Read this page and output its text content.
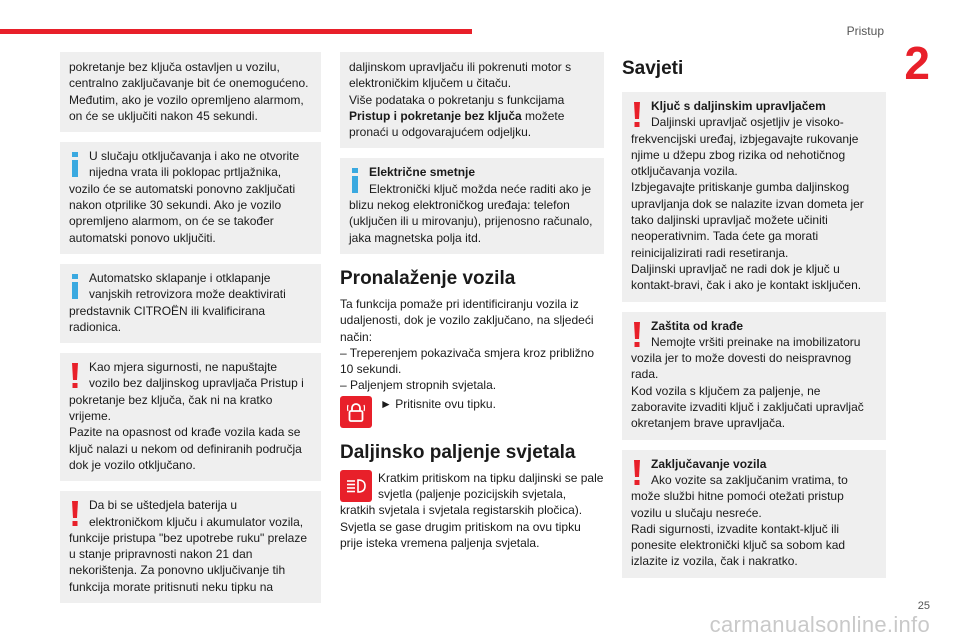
Pristup
2
carmanualsonline.info

pokretanje bez ključa ostavljen u vozilu, centralno zaključavanje bit će onemogućeno. Međutim, ako je vozilo opremljeno alarmom, on će se uključiti nakon 45 sekundi.

U slučaju otključavanja i ako ne otvorite nijedna vrata ili poklopac prtljažnika, vozilo će se automatski ponovno zaključati nakon otprilike 30 sekundi. Ako je vozilo opremljeno alarmom, on će se također automatski ponovo uključiti.

Automatsko sklapanje i otklapanje vanjskih retrovizora može deaktivirati predstavnik CITROËN ili kvalificirana radionica.

Kao mjera sigurnosti, ne napuštajte vozilo bez daljinskog upravljača Pristup i pokretanje bez ključa, čak ni na kratko vrijeme.

Pazite na opasnost od krađe vozila kada se ključ nalazi u nekom od definiranih područja dok je vozilo otključano.

Da bi se uštedjela baterija u elektroničkom ključu i akumulator vozila, funkcije pristupa "bez upotrebe ruku" prelaze u stanje pripravnosti nakon 21 dan nekorištenja. Za ponovno uključivanje tih funkcija morate pritisnuti neku tipku na

daljinskom upravljaču ili pokrenuti motor s elektroničkim ključem u čitaču.

Više podataka o pokretanju s funkcijama Pristup i pokretanje bez ključa možete pronaći u odgovarajućem odjeljku.

Električne smetnje

Elektronički ključ možda neće raditi ako je blizu nekog elektroničkog uređaja: telefon (uključen ili u mirovanju), prijenosno računalo, jaka magnetska polja itd.

Pronalaženje vozila

Ta funkcija pomaže pri identificiranju vozila iz udaljenosti, dok je vozilo zaključano, na sljedeći način:

– Treperenjem pokazivača smjera kroz približno 10 sekundi.

– Paljenjem stropnih svjetala.

► Pritisnite ovu tipku.
Daljinsko paljenje svjetala

Kratkim pritiskom na tipku daljinski se pale svjetla (paljenje pozicijskih svjetala, kratkih svjetala i svjetala registarskih pločica). Svjetla se gase drugim pritiskom na ovu tipku prije isteka vremena paljenja svjetala.

Savjeti

Ključ s daljinskim upravljačem

Daljinski upravljač osjetljiv je visoko-frekvencijski uređaj, izbjegavajte rukovanje njime u džepu zbog rizika od nehotičnog otključavanja vozila.

Izbjegavajte pritiskanje gumba daljinskog upravljanja dok se nalazite izvan dometa jer tako daljinski upravljač možete učiniti neoperativnim. Tada ćete ga morati reinicijalizirati radi resetiranja.

Daljinski upravljač ne radi dok je ključ u kontakt-bravi, čak i ako je kontakt isključen.

Zaštita od krađe

Nemojte vršiti preinake na imobilizatoru vozila jer to može dovesti do neispravnog rada.

Kod vozila s ključem za paljenje, ne zaboravite izvaditi ključ i zaključati upravljač okretanjem brave upravljača.

Zaključavanje vozila

Ako vozite sa zaključanim vratima, to može službi hitne pomoći otežati pristup vozilu u slučaju nesreće.

Radi sigurnosti, izvadite kontakt-ključ ili ponesite elektronički ključ sa sobom kad izlazite iz vozila, čak i nakratko.

25
